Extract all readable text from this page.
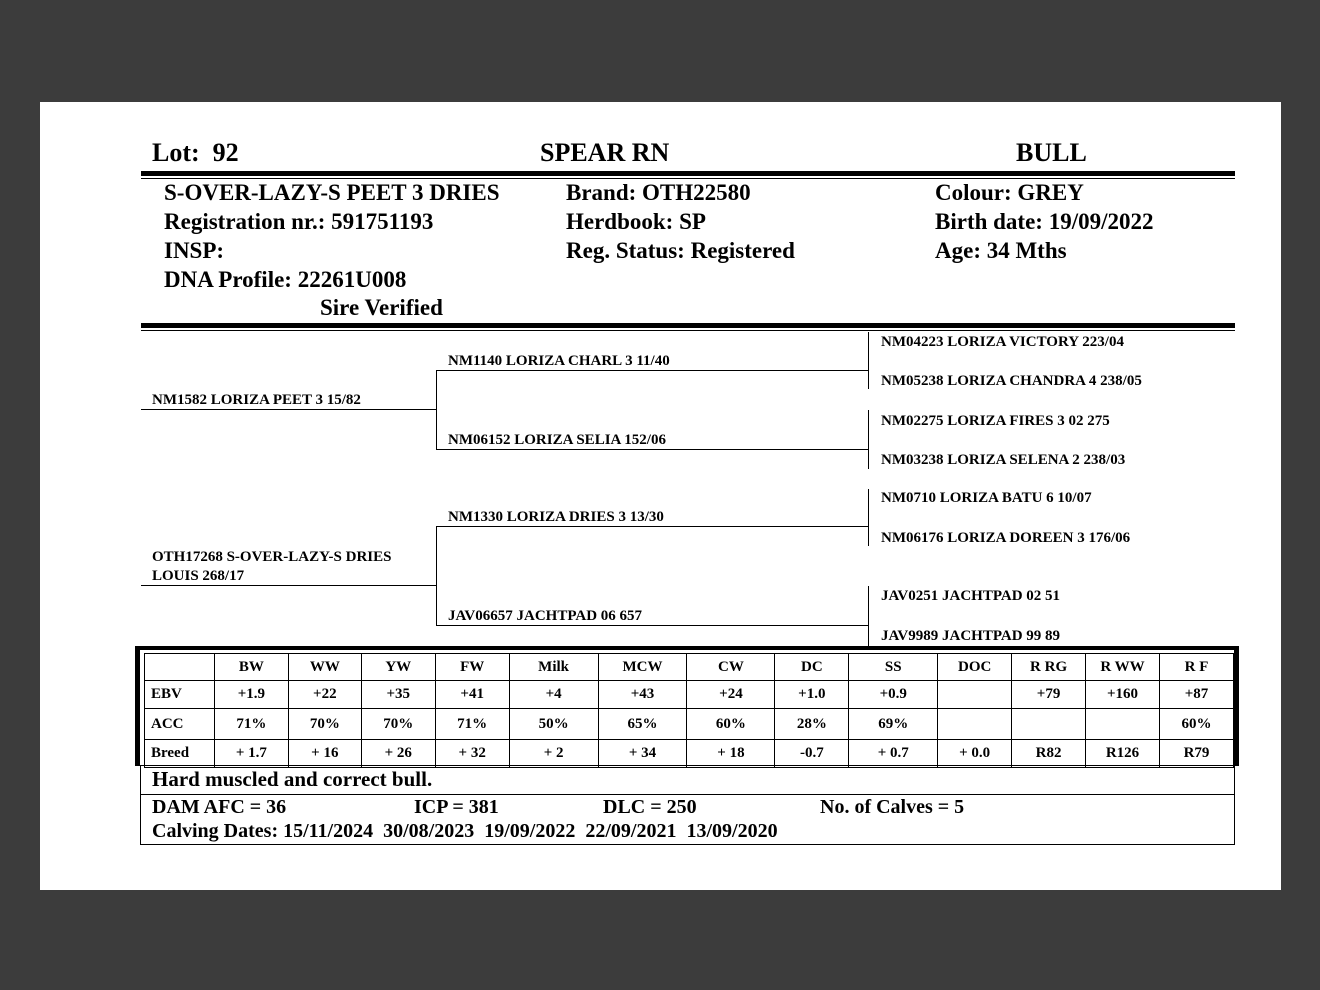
Lot: 92	SPEAR RN	BULL
S-OVER-LAZY-S PEET 3 DRIES
Registration nr.: 591751193
INSP:
DNA Profile: 22261U008
Sire Verified
Brand: OTH22580
Herdbook: SP
Reg. Status: Registered
Colour: GREY
Birth date: 19/09/2022
Age: 34 Mths
NM04223 LORIZA VICTORY 223/04
NM05238 LORIZA CHANDRA 4 238/05
NM02275 LORIZA FIRES 3 02 275
NM03238 LORIZA SELENA 2 238/03
NM0710 LORIZA BATU 6 10/07
NM06176 LORIZA DOREEN 3 176/06
JAV0251 JACHTPAD 02 51
JAV9989 JACHTPAD 99 89
NM1140 LORIZA CHARL 3 11/40
NM06152 LORIZA SELIA 152/06
NM1330 LORIZA DRIES 3 13/30
JAV06657 JACHTPAD 06 657
NM1582 LORIZA PEET 3 15/82
OTH17268 S-OVER-LAZY-S DRIES
LOUIS 268/17
	BW	WW	YW	FW	Milk	MCW	CW	DC	SS	DOC	R RG	R WW	R F
EBV	+1.9	+22	+35	+41	+4	+43	+24	+1.0	+0.9		+79	+160	+87
ACC	71%	70%	70%	71%	50%	65%	60%	28%	69%				60%
Breed	+ 1.7	+ 16	+ 26	+ 32	+ 2	+ 34	+ 18	-0.7	+ 0.7	+ 0.0	R82	R126	R79
Hard muscled and correct bull.
DAM AFC = 36	ICP = 381	DLC = 250	No. of Calves = 5
Calving Dates: 15/11/2024  30/08/2023  19/09/2022  22/09/2021  13/09/2020
